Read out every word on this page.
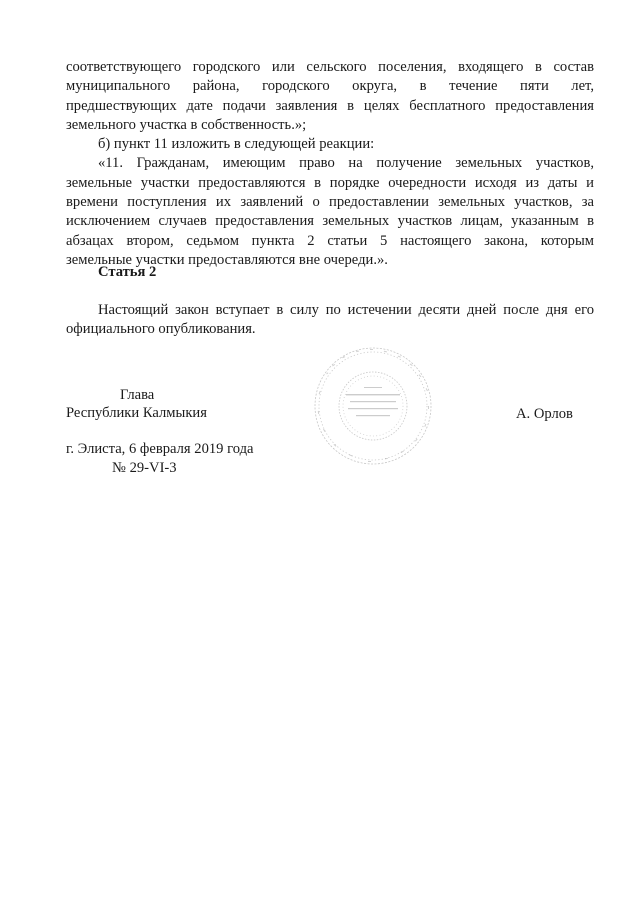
соответствующего городского или сельского поселения, входящего в состав

муниципального района, городского округа, в течение пяти лет,

предшествующих дате подачи заявления в целях бесплатного предоставления

земельного участка в собственность.»;

б) пункт 11 изложить в следующей реакции:

«11. Гражданам, имеющим право на получение земельных участков,

земельные участки предоставляются в порядке очередности исходя из даты и

времени поступления их заявлений о предоставлении земельных участков, за

исключением случаев предоставления земельных участков лицам, указанным в

абзацах втором, седьмом пункта 2 статьи 5 настоящего закона, которым

земельные участки предоставляются вне очереди.».

Статья 2

Настоящий закон вступает в силу по истечении десяти дней после дня его

официального опубликования.

Глава

Республики Калмыкия	А. Орлов

г. Элиста, 6 февраля 2019 года

№ 29-VI-3
